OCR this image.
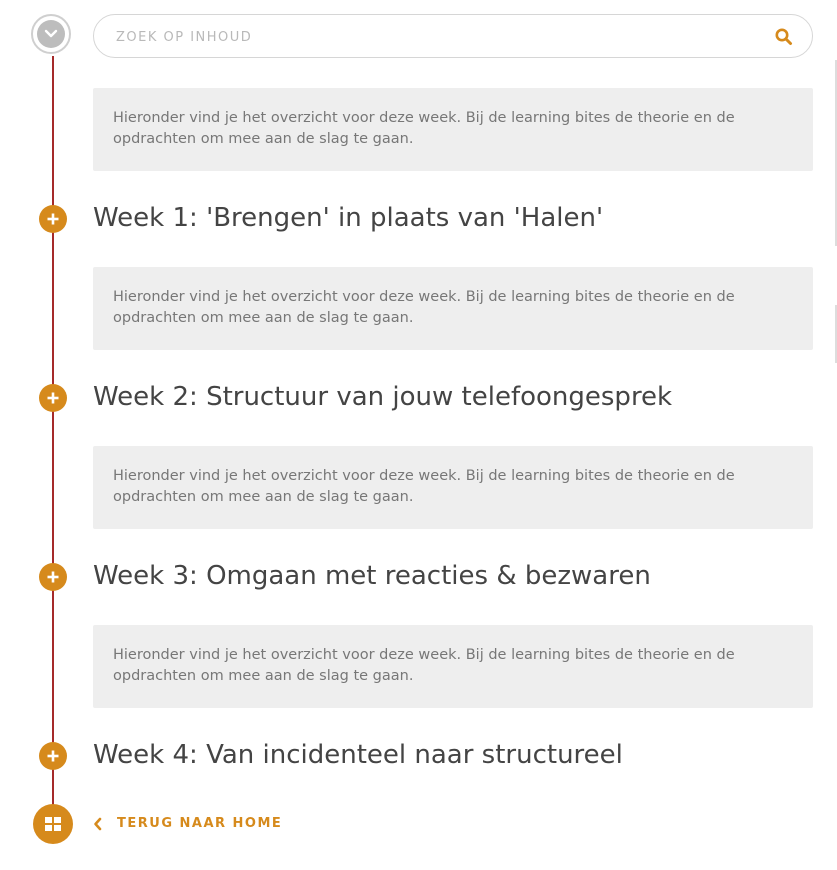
ZOEK OP INHOUD
Hieronder vind je het overzicht voor deze week. Bij de learning bites de theorie en de opdrachten om mee aan de slag te gaan.
Week 1: 'Brengen' in plaats van 'Halen'
Hieronder vind je het overzicht voor deze week. Bij de learning bites de theorie en de opdrachten om mee aan de slag te gaan.
Week 2: Structuur van jouw telefoongesprek
Hieronder vind je het overzicht voor deze week. Bij de learning bites de theorie en de opdrachten om mee aan de slag te gaan.
Week 3: Omgaan met reacties & bezwaren
Hieronder vind je het overzicht voor deze week. Bij de learning bites de theorie en de opdrachten om mee aan de slag te gaan.
Week 4: Van incidenteel naar structureel
TERUG NAAR HOME
